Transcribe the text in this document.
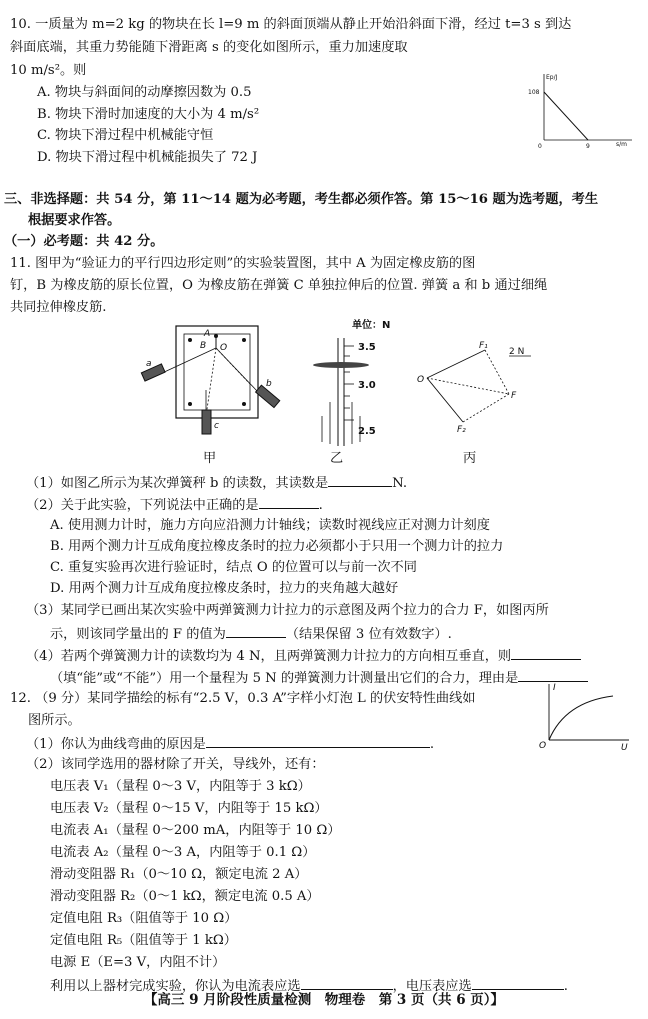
10. 一质量为 m=2 kg 的物块在长 l=9 m 的斜面顶端从静止开始沿斜面下滑，经过 t=3 s 到达
斜面底端，其重力势能随下滑距离 s 的变化如图所示，重力加速度取
10 m/s²。则
A. 物块与斜面间的动摩擦因数为 0.5
B. 物块下滑时加速度的大小为 4 m/s²
C. 物块下滑过程中机械能守恒
D. 物块下滑过程中机械能损失了 72 J
Ep/J
108
0	9	s/m
三、非选择题：共 54 分，第 11～14 题为必考题，考生都必须作答。第 15～16 题为选考题，考生
根据要求作答。
（一）必考题：共 42 分。
11. 图甲为“验证力的平行四边形定则”的实验装置图，其中 A 为固定橡皮筋的图
钉，B 为橡皮筋的原长位置，O 为橡皮筋在弹簧 C 单独拉伸后的位置. 弹簧 a 和 b 通过细绳
共同拉伸橡皮筋.
A
B O
a
b
c
甲
单位：N
3.5
3.0
2.5
乙
O
F₁
F₂
F
2 N
丙
（1）如图乙所示为某次弹簧秤 b 的读数，其读数是	N.
（2）关于此实验，下列说法中正确的是	.
A. 使用测力计时，施力方向应沿测力计轴线；读数时视线应正对测力计刻度
B. 用两个测力计互成角度拉橡皮条时的拉力必须都小于只用一个测力计的拉力
C. 重复实验再次进行验证时，结点 O 的位置可以与前一次不同
D. 用两个测力计互成角度拉橡皮条时，拉力的夹角越大越好
（3）某同学已画出某次实验中两弹簧测力计拉力的示意图及两个拉力的合力 F，如图丙所
示，则该同学量出的 F 的值为	（结果保留 3 位有效数字）.
（4）若两个弹簧测力计的读数均为 4 N，且两弹簧测力计拉力的方向相互垂直，则
（填“能”或“不能”）用一个量程为 5 N 的弹簧测力计测量出它们的合力，理由是
12. （9 分）某同学描绘的标有“2.5 V，0.3 A”字样小灯泡 L 的伏安特性曲线如
图所示。
I
O	U
（1）你认为曲线弯曲的原因是	.
（2）该同学选用的器材除了开关，导线外，还有：
电压表 V₁（量程 0～3 V，内阻等于 3 kΩ）
电压表 V₂（量程 0～15 V，内阻等于 15 kΩ）
电流表 A₁（量程 0～200 mA，内阻等于 10 Ω）
电流表 A₂（量程 0～3 A，内阻等于 0.1 Ω）
滑动变阻器 R₁（0～10 Ω，额定电流 2 A）
滑动变阻器 R₂（0～1 kΩ，额定电流 0.5 A）
定值电阻 R₃（阻值等于 10 Ω）
定值电阻 R₅（阻值等于 1 kΩ）
电源 E（E=3 V，内阻不计）
利用以上器材完成实验，你认为电流表应选	，电压表应选	.
【高三 9 月阶段性质量检测　物理卷　第 3 页（共 6 页）】
